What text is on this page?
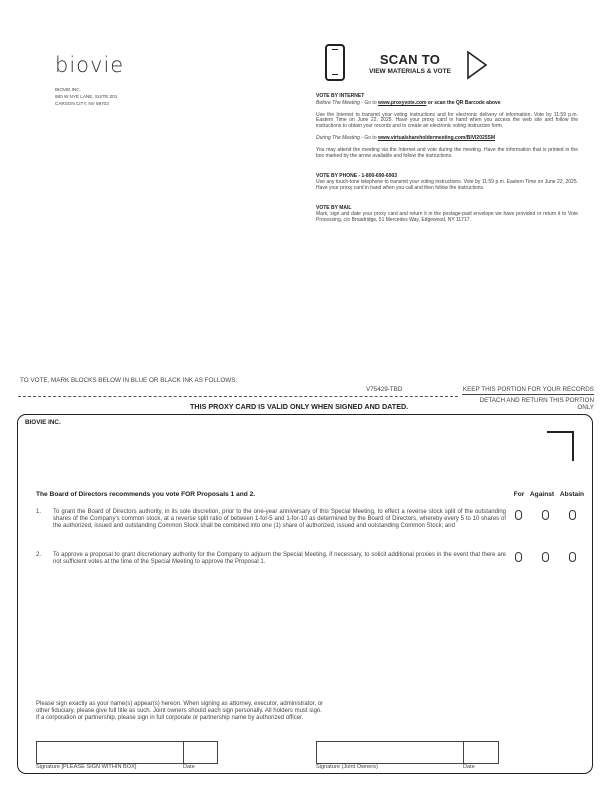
biovie
BIOVIE INC.
680 W NYE LANE, SUITE 201
CARSON CITY, NV 89703
SCAN TO
VIEW MATERIALS & VOTE
VOTE BY INTERNET
Before The Meeting - Go to www.proxyvote.com or scan the QR Barcode above
Use the Internet to transmit your voting instructions and for electronic delivery of information. Vote by 11:59 p.m. Eastern Time on June 22, 2025. Have your proxy card in hand when you access the web site and follow the instructions to obtain your records and to create an electronic voting instruction form.
During The Meeting - Go to www.virtualshareholdermeeting.com/BIVI2025SM
You may attend the meeting via the Internet and vote during the meeting. Have the information that is printed in the box marked by the arrow available and follow the instructions.
VOTE BY PHONE - 1-800-690-6903
Use any touch-tone telephone to transmit your voting instructions. Vote by 11:59 p.m. Eastern Time on June 22, 2025. Have your proxy card in hand when you call and then follow the instructions.
VOTE BY MAIL
Mark, sign and date your proxy card and return it in the postage-paid envelope we have provided or return it to Vote Processing, c/o Broadridge, 51 Mercedes Way, Edgewood, NY 11717.
TO VOTE, MARK BLOCKS BELOW IN BLUE OR BLACK INK AS FOLLOWS:
V75429-TBD	KEEP THIS PORTION FOR YOUR RECORDS
DETACH AND RETURN THIS PORTION ONLY
THIS PROXY CARD IS VALID ONLY WHEN SIGNED AND DATED.
BIOVIE INC.
The Board of Directors recommends you vote FOR Proposals 1 and 2.	For Against Abstain
1. To grant the Board of Directors authority, in its sole discretion, prior to the one-year anniversary of this Special Meeting, to effect a reverse stock split of the outstanding shares of the Company's common stock, at a reverse split ratio of between 1-for-5 and 1-for-10 as determined by the Board of Directors, whereby every 5 to 10 shares of the authorized, issued and outstanding Common Stock shall be combined into one (1) share of authorized, issued and outstanding Common Stock; and
2. To approve a proposal to grant discretionary authority for the Company to adjourn the Special Meeting, if necessary, to solicit additional proxies in the event that there are not sufficient votes at the time of the Special Meeting to approve the Proposal 1.
Please sign exactly as your name(s) appear(s) hereon. When signing as attorney, executor, administrator, or other fiduciary, please give full title as such. Joint owners should each sign personally. All holders must sign. If a corporation or partnership, please sign in full corporate or partnership name by authorized officer.
Signature [PLEASE SIGN WITHIN BOX]	Date	Signature (Joint Owners)	Date
